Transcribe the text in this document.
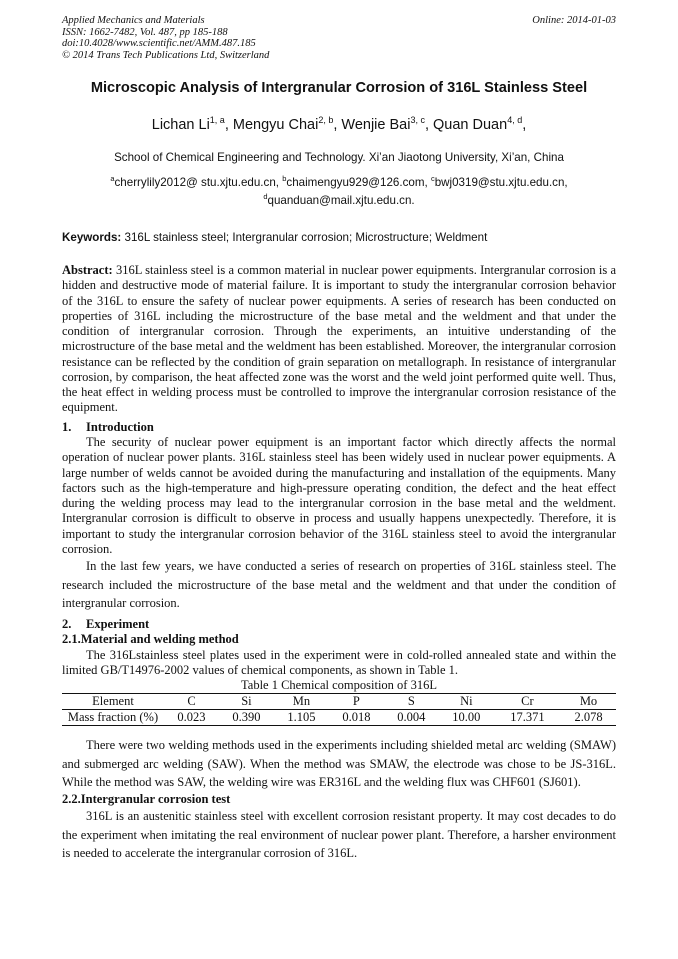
Applied Mechanics and Materials
ISSN: 1662-7482, Vol. 487, pp 185-188
doi:10.4028/www.scientific.net/AMM.487.185
© 2014 Trans Tech Publications Ltd, Switzerland
Online: 2014-01-03
Microscopic Analysis of Intergranular Corrosion of 316L Stainless Steel
Lichan Li$^{1, a}$, Mengyu Chai$^{2, b}$, Wenjie Bai$^{3, c}$, Quan Duan$^{4, d}$,
School of Chemical Engineering and Technology. Xi’an Jiaotong University, Xi’an, China
$^a$cherrylily2012@ stu.xjtu.edu.cn, $^b$chaimengyu929@126.com, $^c$bwj0319@stu.xjtu.edu.cn,
$^d$quanduan@mail.xjtu.edu.cn.
Keywords: 316L stainless steel; Intergranular corrosion; Microstructure; Weldment

Abstract: 316L stainless steel is a common material in nuclear power equipments. Intergranular corrosion is a hidden and destructive mode of material failure. It is important to study the intergranular corrosion behavior of the 316L to ensure the safety of nuclear power equipments. A series of research has been conducted on properties of 316L including the microstructure of the base metal and the weldment and that under the condition of intergranular corrosion. Through the experiments, an intuitive understanding of the microstructure of the base metal and the weldment has been established. Moreover, the intergranular corrosion resistance can be reflected by the condition of grain separation on metallograph. In resistance of intergranular corrosion, by comparison, the heat affected zone was the worst and the weld joint performed quite well. Thus, the heat effect in welding process must be controlled to improve the intergranular corrosion resistance of the equipment.

1. Introduction

The security of nuclear power equipment is an important factor which directly affects the normal operation of nuclear power plants. 316L stainless steel has been widely used in nuclear power equipments. A large number of welds cannot be avoided during the manufacturing and installation of the equipments. Many factors such as the high-temperature and high-pressure operating condition, the defect and the heat effect during the welding process may lead to the intergranular corrosion in the base metal and the weldment. Intergranular corrosion is difficult to observe in process and usually happens unexpectedly. Therefore, it is important to study the intergranular corrosion behavior of the 316L stainless steel to avoid the intergranular corrosion.

In the last few years, we have conducted a series of research on properties of 316L stainless steel. The research included the microstructure of the base metal and the weldment and that under the condition of intergranular corrosion.

2. Experiment
2.1.Material and welding method

The 316Lstainless steel plates used in the experiment were in cold-rolled annealed state and within the limited GB/T14976-2002 values of chemical components, as shown in Table 1.

Table 1 Chemical composition of 316L
Element	C	Si	Mn	P	S	Ni	Cr	Mo
Mass fraction (%)	0.023	0.390	1.105	0.018	0.004	10.00	17.371	2.078

There were two welding methods used in the experiments including shielded metal arc welding (SMAW) and submerged arc welding (SAW). When the method was SMAW, the electrode was chose to be JS-316L. While the method was SAW, the welding wire was ER316L and the welding flux was CHF601 (SJ601).

2.2.Intergranular corrosion test

316L is an austenitic stainless steel with excellent corrosion resistant property. It may cost decades to do the experiment when imitating the real environment of nuclear power plant. Therefore, a harsher environment is needed to accelerate the intergranular corrosion of 316L.
